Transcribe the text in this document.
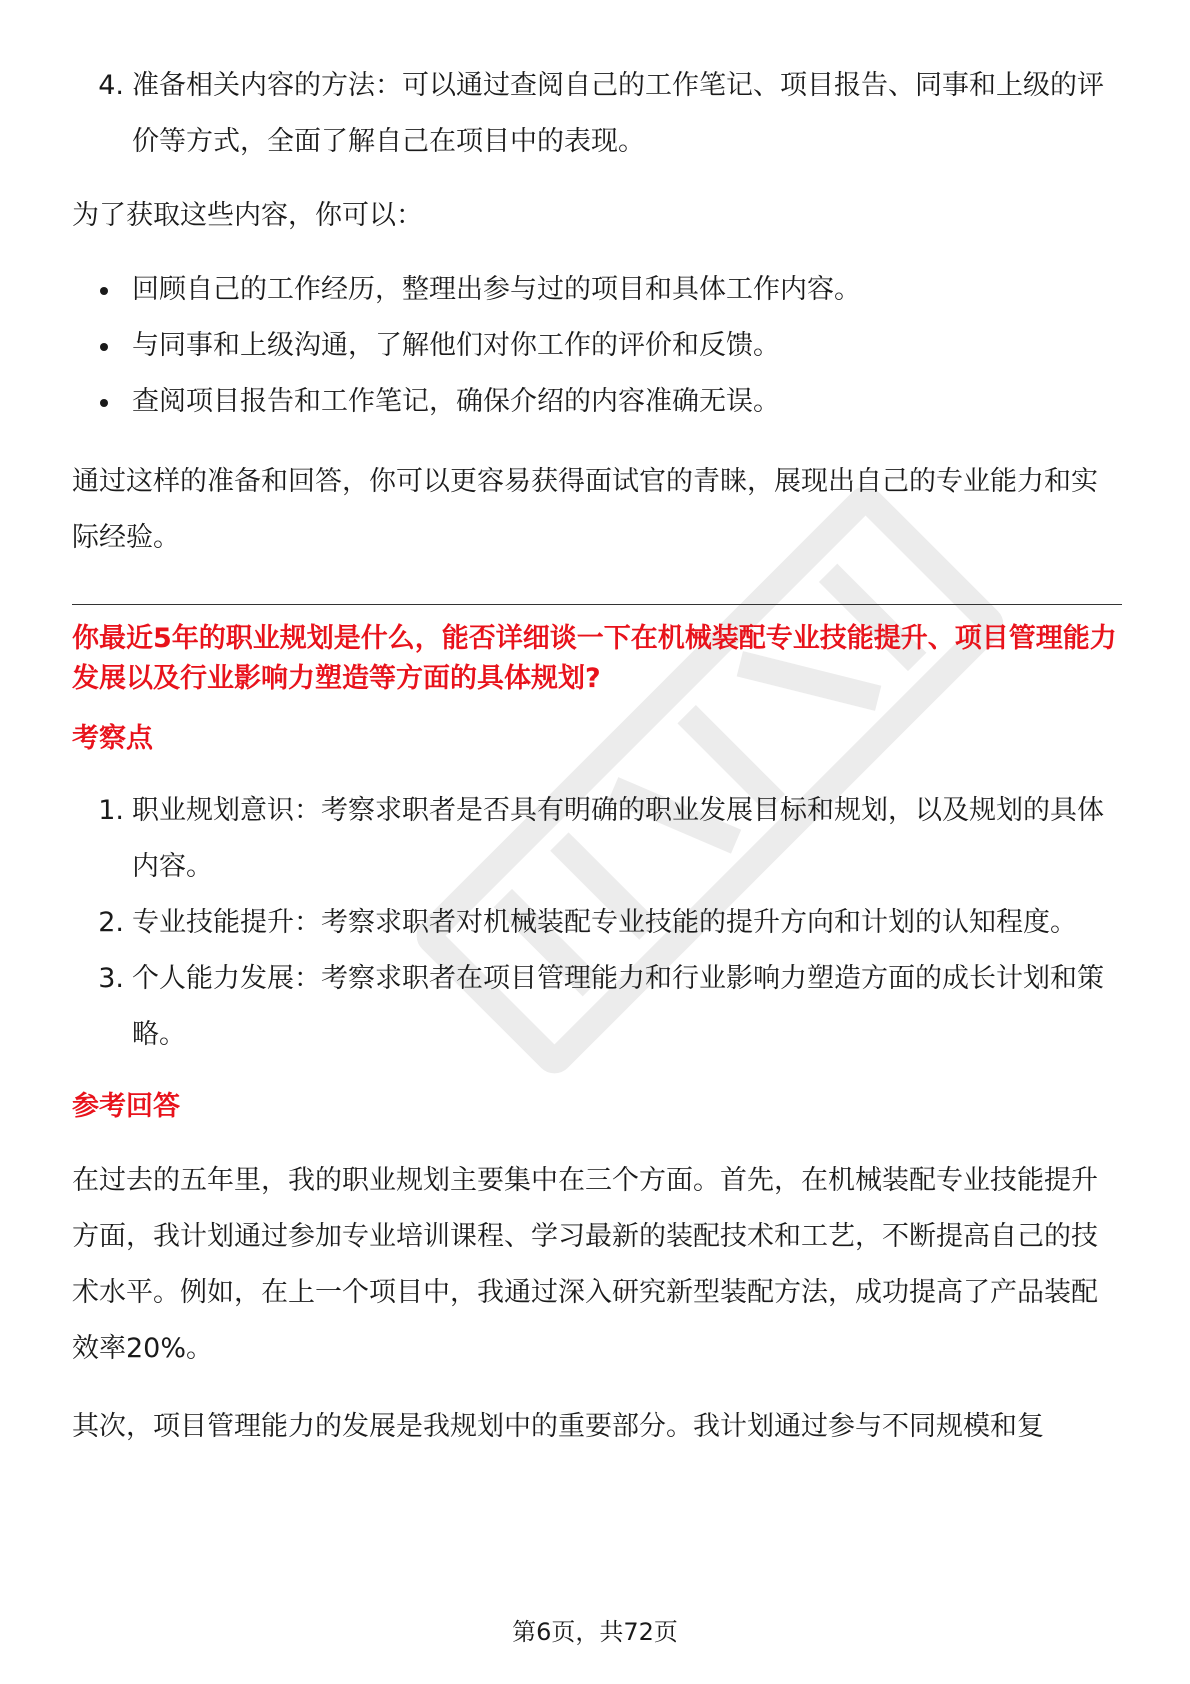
4. 准备相关内容的方法：可以通过查阅自己的工作笔记、项目报告、同事和上级的评价等方式，全面了解自己在项目中的表现。

为了获取这些内容，你可以：

回顾自己的工作经历，整理出参与过的项目和具体工作内容。
与同事和上级沟通，了解他们对你工作的评价和反馈。
查阅项目报告和工作笔记，确保介绍的内容准确无误。

通过这样的准备和回答，你可以更容易获得面试官的青睐，展现出自己的专业能力和实际经验。

你最近5年的职业规划是什么，能否详细谈一下在机械装配专业技能提升、项目管理能力发展以及行业影响力塑造等方面的具体规划?

考察点

1. 职业规划意识：考察求职者是否具有明确的职业发展目标和规划，以及规划的具体内容。
2. 专业技能提升：考察求职者对机械装配专业技能的提升方向和计划的认知程度。
3. 个人能力发展：考察求职者在项目管理能力和行业影响力塑造方面的成长计划和策略。

参考回答

在过去的五年里，我的职业规划主要集中在三个方面。首先，在机械装配专业技能提升方面，我计划通过参加专业培训课程、学习最新的装配技术和工艺，不断提高自己的技术水平。例如，在上一个项目中，我通过深入研究新型装配方法，成功提高了产品装配效率20%。

其次，项目管理能力的发展是我规划中的重要部分。我计划通过参与不同规模和复

第6页，共72页
